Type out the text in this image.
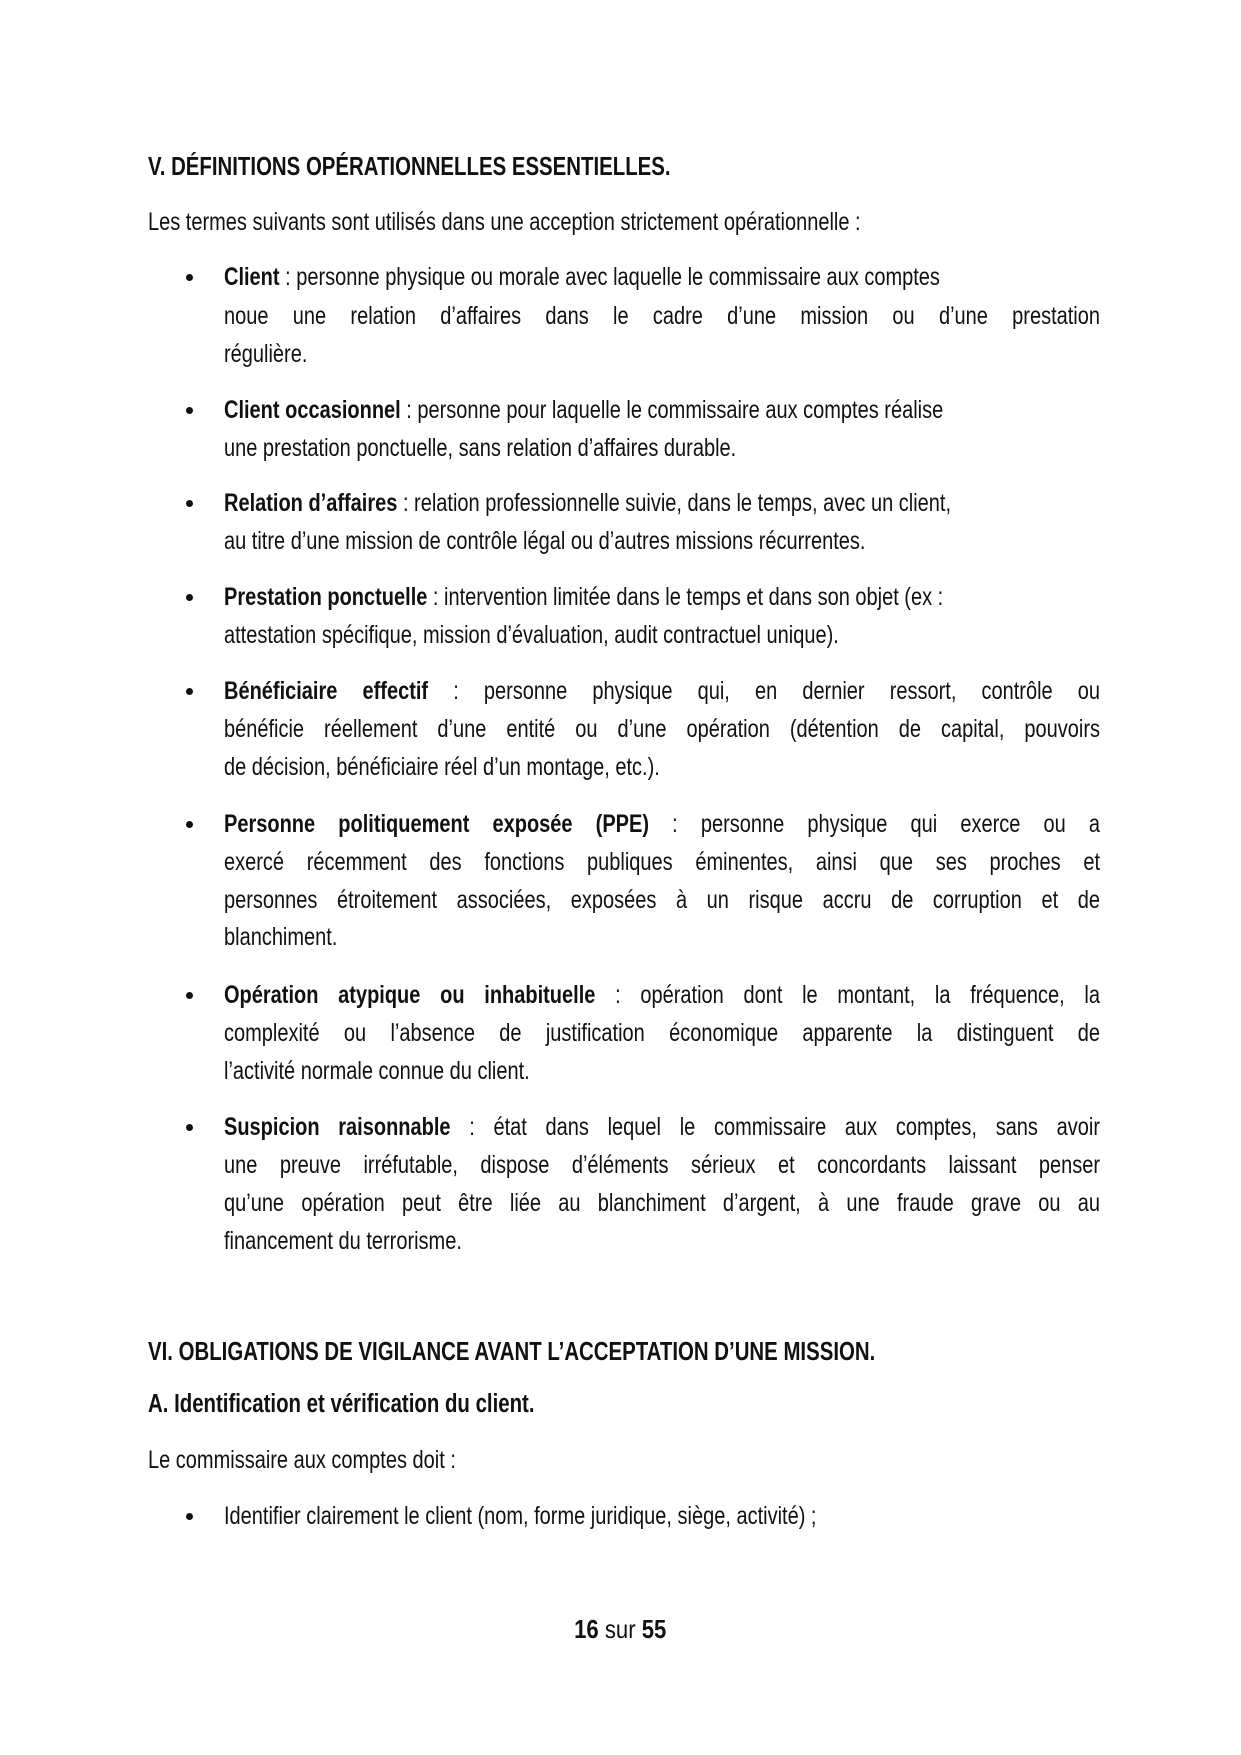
V. DÉFINITIONS OPÉRATIONNELLES ESSENTIELLES.
Les termes suivants sont utilisés dans une acception strictement opérationnelle :
Client : personne physique ou morale avec laquelle le commissaire aux comptes
noue une relation d’affaires dans le cadre d’une mission ou d’une prestation
régulière.
Client occasionnel : personne pour laquelle le commissaire aux comptes réalise
une prestation ponctuelle, sans relation d’affaires durable.
Relation d’affaires : relation professionnelle suivie, dans le temps, avec un client,
au titre d’une mission de contrôle légal ou d’autres missions récurrentes.
Prestation ponctuelle : intervention limitée dans le temps et dans son objet (ex :
attestation spécifique, mission d’évaluation, audit contractuel unique).
Bénéficiaire effectif : personne physique qui, en dernier ressort, contrôle ou
bénéficie réellement d’une entité ou d’une opération (détention de capital, pouvoirs
de décision, bénéficiaire réel d’un montage, etc.).
Personne politiquement exposée (PPE) : personne physique qui exerce ou a
exercé récemment des fonctions publiques éminentes, ainsi que ses proches et
personnes étroitement associées, exposées à un risque accru de corruption et de
blanchiment.
Opération atypique ou inhabituelle : opération dont le montant, la fréquence, la
complexité ou l’absence de justification économique apparente la distinguent de
l’activité normale connue du client.
Suspicion raisonnable : état dans lequel le commissaire aux comptes, sans avoir
une preuve irréfutable, dispose d’éléments sérieux et concordants laissant penser
qu’une opération peut être liée au blanchiment d’argent, à une fraude grave ou au
financement du terrorisme.
VI. OBLIGATIONS DE VIGILANCE AVANT L’ACCEPTATION D’UNE MISSION.
A. Identification et vérification du client.
Le commissaire aux comptes doit :
Identifier clairement le client (nom, forme juridique, siège, activité) ;
16 sur 55
